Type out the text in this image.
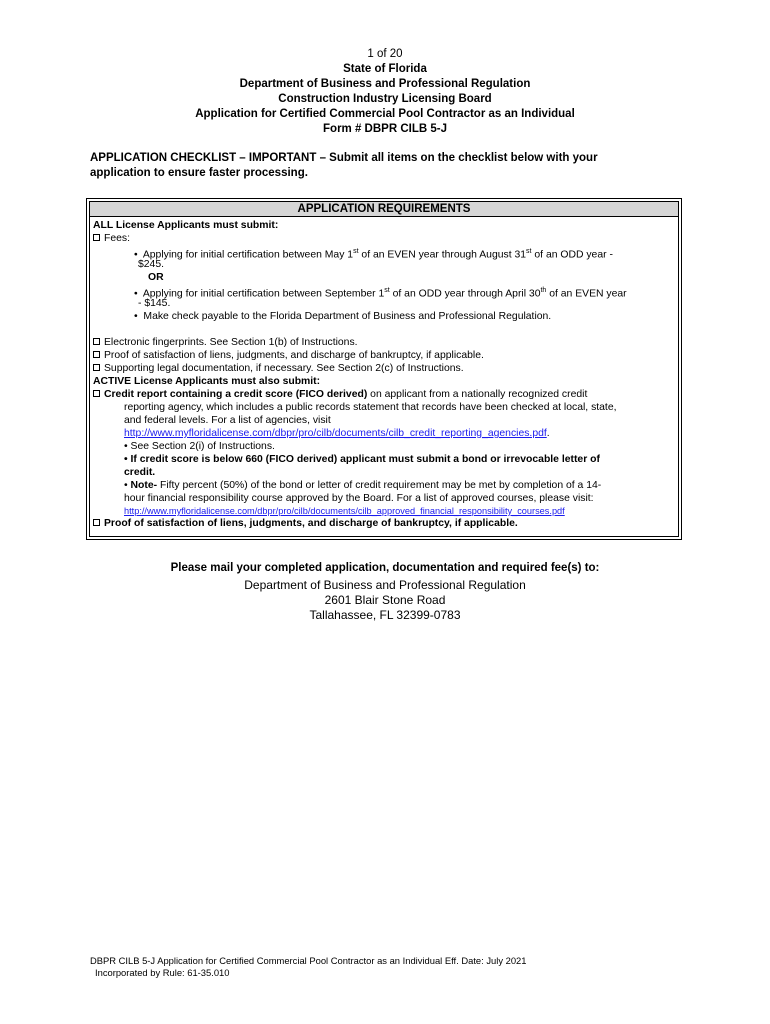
1 of 20
State of Florida
Department of Business and Professional Regulation
Construction Industry Licensing Board
Application for Certified Commercial Pool Contractor as an Individual
Form # DBPR CILB 5-J
APPLICATION CHECKLIST – IMPORTANT – Submit all items on the checklist below with your
application to ensure faster processing.
APPLICATION REQUIREMENTS
ALL License Applicants must submit:
Fees:
• Applying for initial certification between May 1st of an EVEN year through August 31st of an ODD year -
$245.
OR
• Applying for initial certification between September 1st of an ODD year through April 30th of an EVEN year
- $145.
• Make check payable to the Florida Department of Business and Professional Regulation.
Electronic fingerprints. See Section 1(b) of Instructions.
Proof of satisfaction of liens, judgments, and discharge of bankruptcy, if applicable.
Supporting legal documentation, if necessary. See Section 2(c) of Instructions.
ACTIVE License Applicants must also submit:
Credit report containing a credit score (FICO derived) on applicant from a nationally recognized credit
reporting agency, which includes a public records statement that records have been checked at local, state,
and federal levels. For a list of agencies, visit
http://www.myfloridalicense.com/dbpr/pro/cilb/documents/cilb_credit_reporting_agencies.pdf.
• See Section 2(i) of Instructions.
• If credit score is below 660 (FICO derived) applicant must submit a bond or irrevocable letter of
credit.
• Note- Fifty percent (50%) of the bond or letter of credit requirement may be met by completion of a 14-
hour financial responsibility course approved by the Board. For a list of approved courses, please visit:
http://www.myfloridalicense.com/dbpr/pro/cilb/documents/cilb_approved_financial_responsibility_courses.pdf
Proof of satisfaction of liens, judgments, and discharge of bankruptcy, if applicable.
Please mail your completed application, documentation and required fee(s) to:
Department of Business and Professional Regulation
2601 Blair Stone Road
Tallahassee, FL 32399-0783
DBPR CILB 5-J Application for Certified Commercial Pool Contractor as an Individual Eff. Date: July 2021
Incorporated by Rule: 61-35.010
